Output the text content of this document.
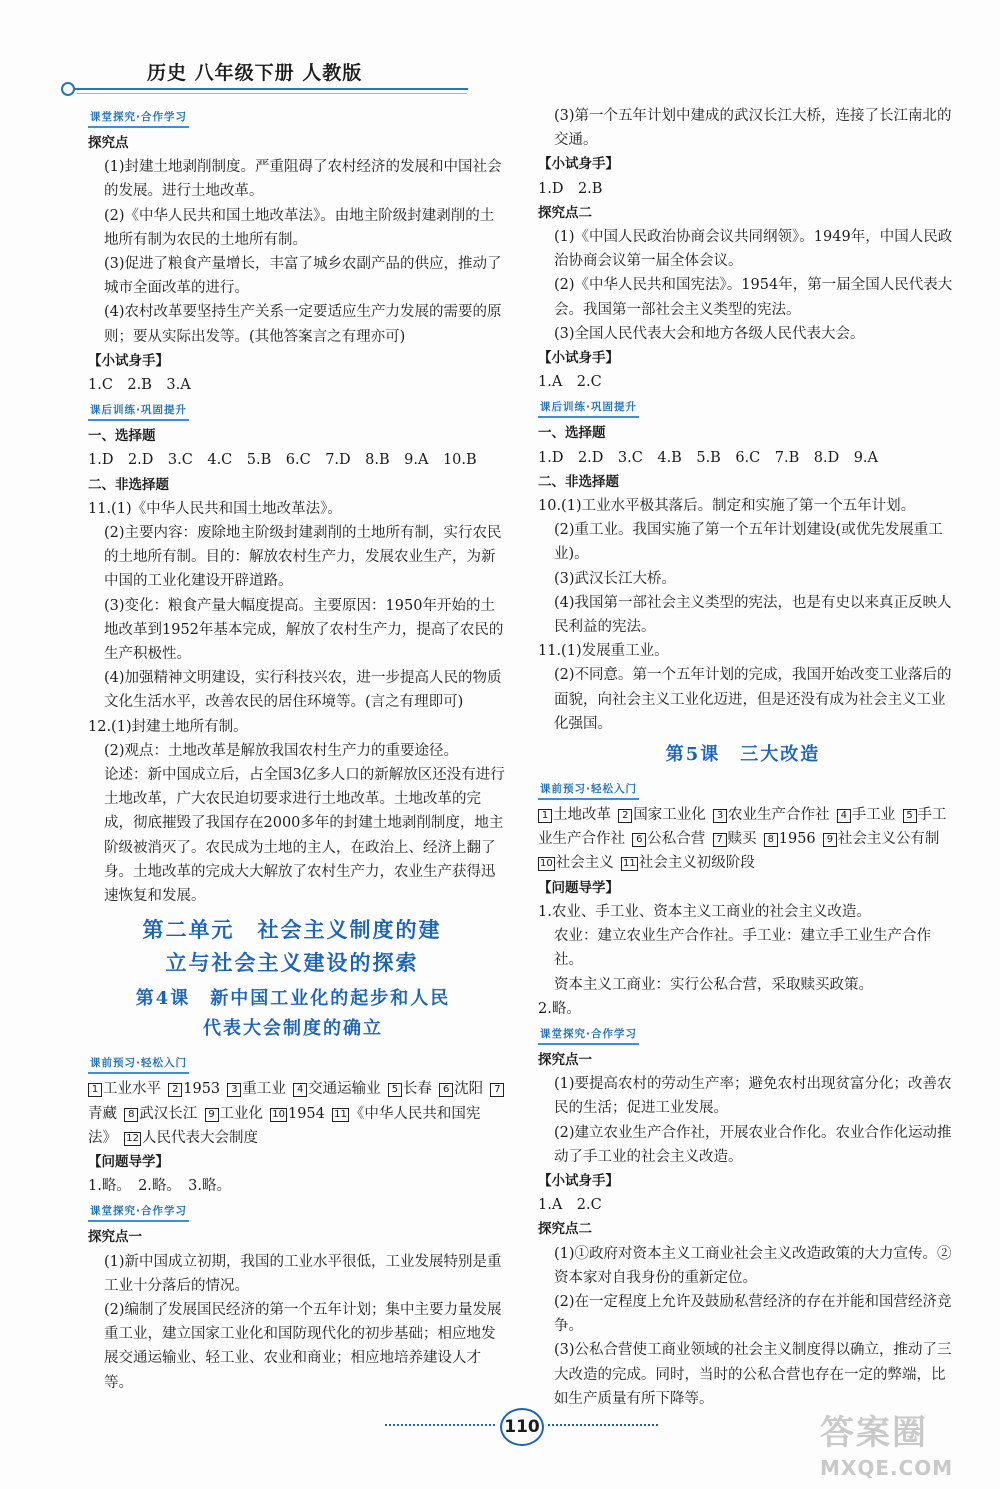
历史 八年级下册 人教版
课堂探究·合作学习
探究点
(1)封建土地剥削制度。严重阻碍了农村经济的发展和中国社会的发展。进行土地改革。
(2)《中华人民共和国土地改革法》。由地主阶级封建剥削的土地所有制为农民的土地所有制。
(3)促进了粮食产量增长，丰富了城乡农副产品的供应，推动了城市全面改革的进行。
(4)农村改革要坚持生产关系一定要适应生产力发展的需要的原则；要从实际出发等。(其他答案言之有理亦可)
【小试身手】
1.C　2.B　3.A
课后训练·巩固提升
一、选择题
1.D　2.D　3.C　4.C　5.B　6.C　7.D　8.B　9.A　10.B
二、非选择题
11.(1)《中华人民共和国土地改革法》。
(2)主要内容：废除地主阶级封建剥削的土地所有制，实行农民的土地所有制。目的：解放农村生产力，发展农业生产，为新中国的工业化建设开辟道路。
(3)变化：粮食产量大幅度提高。主要原因：1950年开始的土地改革到1952年基本完成，解放了农村生产力，提高了农民的生产积极性。
(4)加强精神文明建设，实行科技兴农，进一步提高人民的物质文化生活水平，改善农民的居住环境等。(言之有理即可)
12.(1)封建土地所有制。
(2)观点：土地改革是解放我国农村生产力的重要途径。
论述：新中国成立后，占全国3亿多人口的新解放区还没有进行土地改革，广大农民迫切要求进行土地改革。土地改革的完成，彻底摧毁了我国存在2000多年的封建土地剥削制度，地主阶级被消灭了。农民成为土地的主人，在政治上、经济上翻了身。土地改革的完成大大解放了农村生产力，农业生产获得迅速恢复和发展。
第二单元　社会主义制度的建
立与社会主义建设的探索
第4课　新中国工业化的起步和人民
代表大会制度的确立
课前预习·轻松入门
1 工业水平  2 1953  3 重工业  4 交通运输业  5 长春  6 沈阳  7青藏  8 武汉长江  9 工业化  10 1954  11 《中华人民共和国宪法》  12 人民代表大会制度 
【问题导学】
1.略。　2.略。　3.略。
课堂探究·合作学习
探究点一
(1)新中国成立初期，我国的工业水平很低，工业发展特别是重工业十分落后的情况。
(2)编制了发展国民经济的第一个五年计划；集中主要力量发展重工业，建立国家工业化和国防现代化的初步基础；相应地发展交通运输业、轻工业、农业和商业；相应地培养建设人才等。
(3)第一个五年计划中建成的武汉长江大桥，连接了长江南北的交通。
【小试身手】
1.D　2.B
探究点二
(1)《中国人民政治协商会议共同纲领》。1949年，中国人民政治协商会议第一届全体会议。
(2)《中华人民共和国宪法》。1954年，第一届全国人民代表大会。我国第一部社会主义类型的宪法。
(3)全国人民代表大会和地方各级人民代表大会。
【小试身手】
1.A　2.C
课后训练·巩固提升
一、选择题
1.D　2.D　3.C　4.B　5.B　6.C　7.B　8.D　9.A
二、非选择题
10.(1)工业水平极其落后。制定和实施了第一个五年计划。
(2)重工业。我国实施了第一个五年计划建设(或优先发展重工业)。
(3)武汉长江大桥。
(4)我国第一部社会主义类型的宪法，也是有史以来真正反映人民利益的宪法。
11.(1)发展重工业。
(2)不同意。第一个五年计划的完成，我国开始改变工业落后的面貌，向社会主义工业化迈进，但是还没有成为社会主义工业化强国。
第5课　三大改造
课前预习·轻松入门
1 土地改革  2 国家工业化  3 农业生产合作社  4 手工业  5 手工业生产合作社  6 公私合营  7 赎买  8 1956  9 社会主义公有制 10 社会主义  11 社会主义初级阶段 
【问题导学】
1.农业、手工业、资本主义工商业的社会主义改造。
农业：建立农业生产合作社。手工业：建立手工业生产合作社。
资本主义工商业：实行公私合营，采取赎买政策。
2.略。
课堂探究·合作学习
探究点一
(1)要提高农村的劳动生产率；避免农村出现贫富分化；改善农民的生活；促进工业发展。
(2)建立农业生产合作社，开展农业合作化。农业合作化运动推动了手工业的社会主义改造。
【小试身手】
1.A　2.C
探究点二
(1)①政府对资本主义工商业社会主义改造政策的大力宣传。②资本家对自我身份的重新定位。
(2)在一定程度上允许及鼓励私营经济的存在并能和国营经济竞争。
(3)公私合营使工商业领域的社会主义制度得以确立，推动了三大改造的完成。同时，当时的公私合营也存在一定的弊端，比如生产质量有所下降等。
110	答案圈
MXQE.COM
